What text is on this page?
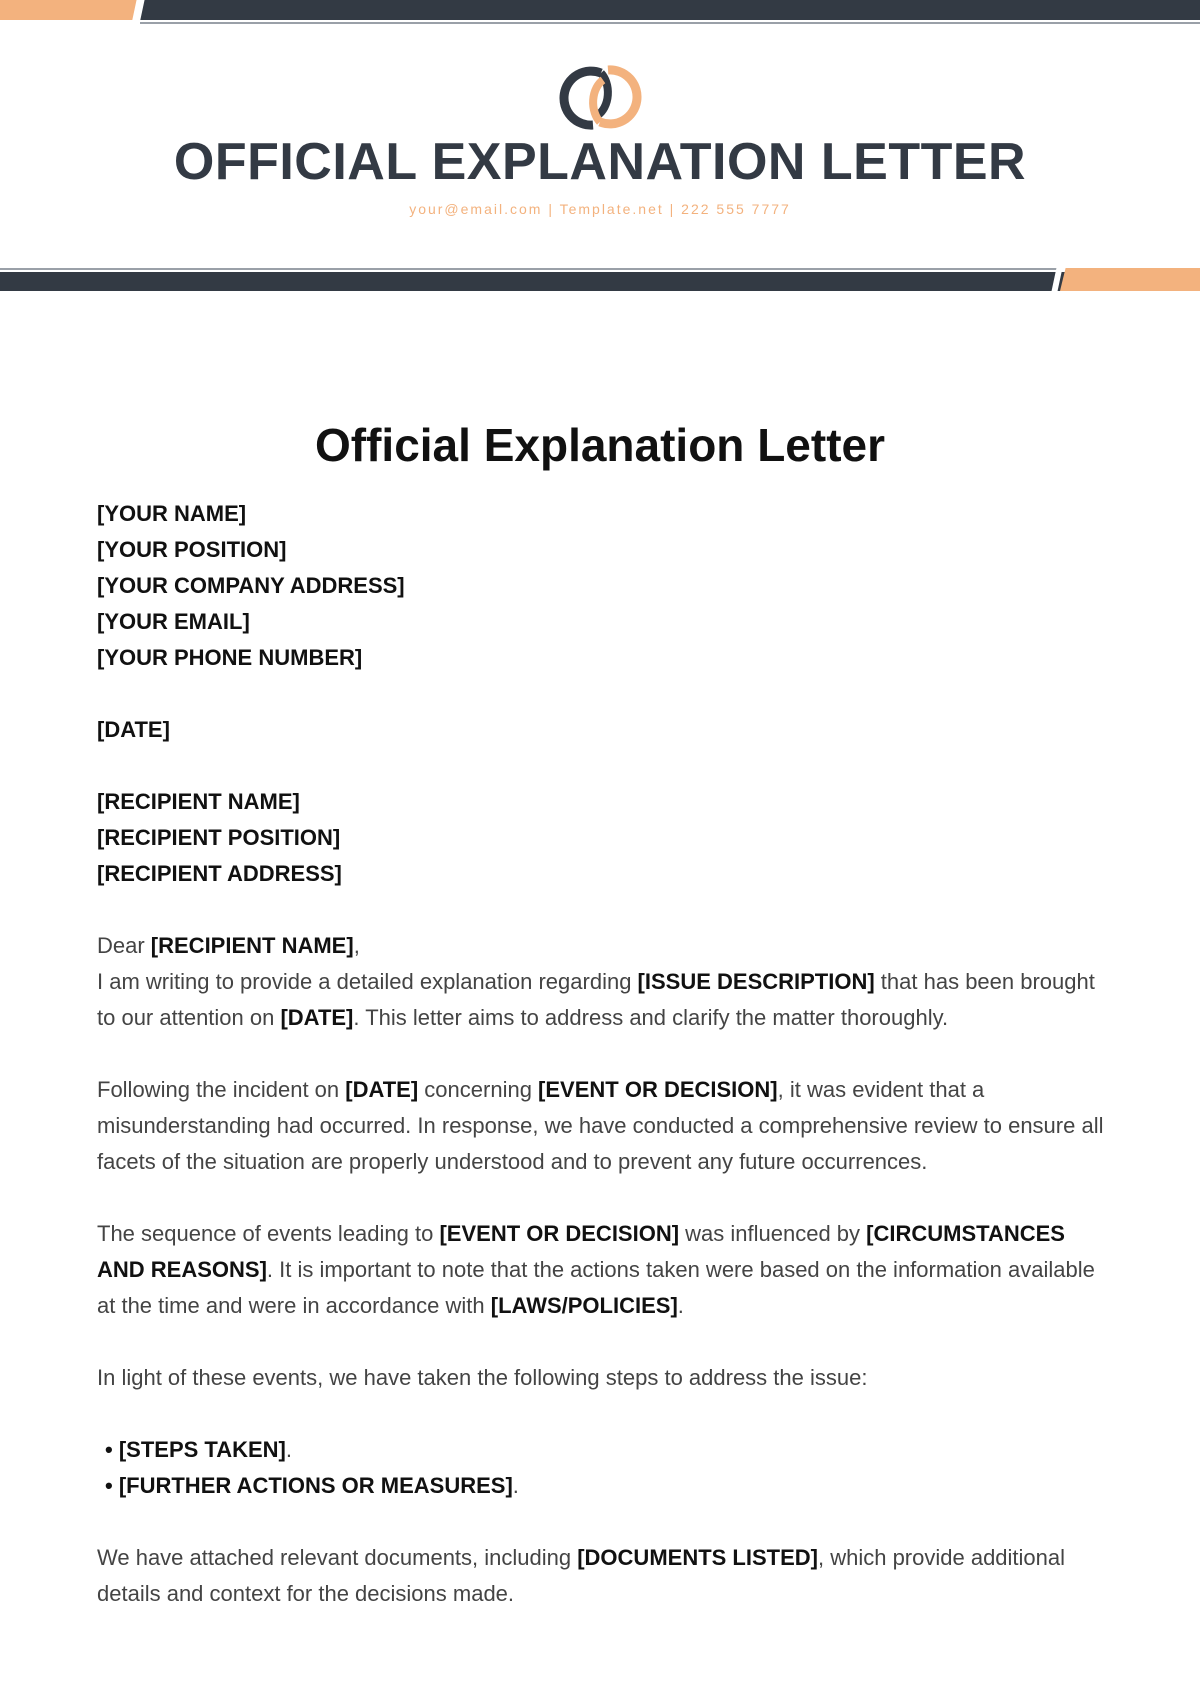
OFFICIAL EXPLANATION LETTER
your@email.com | Template.net | 222 555 7777
Official Explanation Letter
[YOUR NAME]
[YOUR POSITION]
[YOUR COMPANY ADDRESS]
[YOUR EMAIL]
[YOUR PHONE NUMBER]
[DATE]
[RECIPIENT NAME]
[RECIPIENT POSITION]
[RECIPIENT ADDRESS]
Dear [RECIPIENT NAME],
I am writing to provide a detailed explanation regarding [ISSUE DESCRIPTION] that has been brought to our attention on [DATE]. This letter aims to address and clarify the matter thoroughly.
Following the incident on [DATE] concerning [EVENT OR DECISION], it was evident that a misunderstanding had occurred. In response, we have conducted a comprehensive review to ensure all facets of the situation are properly understood and to prevent any future occurrences.
The sequence of events leading to [EVENT OR DECISION] was influenced by [CIRCUMSTANCES AND REASONS]. It is important to note that the actions taken were based on the information available at the time and were in accordance with [LAWS/POLICIES].
In light of these events, we have taken the following steps to address the issue:
• [STEPS TAKEN].
• [FURTHER ACTIONS OR MEASURES].
We have attached relevant documents, including [DOCUMENTS LISTED], which provide additional details and context for the decisions made.
